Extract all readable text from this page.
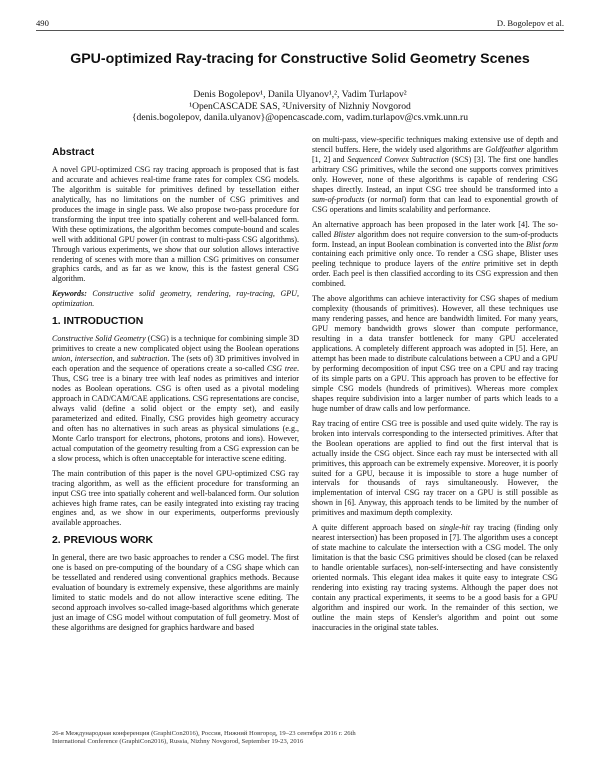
490	D. Bogolepov et al.
GPU-optimized Ray-tracing for Constructive Solid Geometry Scenes
Denis Bogolepov¹, Danila Ulyanov¹,², Vadim Turlapov²
¹OpenCASCADE SAS, ²University of Nizhniy Novgorod
{denis.bogolepov, danila.ulyanov}@opencascade.com, vadim.turlapov@cs.vmk.unn.ru
Abstract

A novel GPU-optimized CSG ray tracing approach is proposed that is fast and accurate and achieves real-time frame rates for complex CSG models. The algorithm is suitable for primitives defined by tessellation either analytically, has no limitations on the number of CSG primitives and produces the image in single pass. We also propose two-pass procedure for transforming the input tree into spatially coherent and well-balanced form. With these optimizations, the algorithm becomes compute-bound and scales well with additional GPU power (in contrast to multi-pass CSG algorithms). Through various experiments, we show that our solution allows interactive rendering of scenes with more than a million CSG primitives on consumer graphics cards, and as far as we know, this is the fastest general CSG algorithm.

Keywords: Constructive solid geometry, rendering, ray-tracing, GPU, optimization.

1. INTRODUCTION

Constructive Solid Geometry (CSG) is a technique for combining simple 3D primitives to create a new complicated object using the Boolean operations union, intersection, and subtraction. The (sets of) 3D primitives involved in each operation and the sequence of operations create a so-called CSG tree. Thus, CSG tree is a binary tree with leaf nodes as primitives and interior nodes as Boolean operations. CSG is often used as a pivotal modeling approach in CAD/CAM/CAE applications. CSG representations are concise, always valid (define a solid object or the empty set), and easily parameterized and edited. Finally, CSG provides high geometry accuracy and often has no alternatives in such areas as physical simulations (e.g., Monte Carlo transport for electrons, photons, protons and ions). However, actual computation of the geometry resulting from a CSG expression can be a slow process, which is often unacceptable for interactive scene editing.

The main contribution of this paper is the novel GPU-optimized CSG ray tracing algorithm, as well as the efficient procedure for transforming an input CSG tree into spatially coherent and well-balanced form. Our solution achieves high frame rates, can be easily integrated into existing ray tracing engines and, as we show in our experiments, outperforms previously available approaches.

2. PREVIOUS WORK

In general, there are two basic approaches to render a CSG model. The first one is based on pre-computing of the boundary of a CSG shape which can be tessellated and rendered using conventional graphics methods. Because evaluation of boundary is extremely expensive, these algorithms are mainly limited to static models and do not allow interactive scene editing. The second approach involves so-called image-based algorithms which generate just an image of CSG model without computation of full geometry. Most of these algorithms are designed for graphics hardware and based

on multi-pass, view-specific techniques making extensive use of depth and stencil buffers. Here, the widely used algorithms are Goldfeather algorithm [1, 2] and Sequenced Convex Subtraction (SCS) [3]. The first one handles arbitrary CSG primitives, while the second one supports convex primitives only. However, none of these algorithms is capable of rendering CSG shapes directly. Instead, an input CSG tree should be transformed into a sum-of-products (or normal) form that can lead to exponential growth of CSG operations and limits scalability and performance.

An alternative approach has been proposed in the later work [4]. The so-called Blister algorithm does not require conversion to the sum-of-products form. Instead, an input Boolean combination is converted into the Blist form containing each primitive only once. To render a CSG shape, Blister uses peeling technique to produce layers of the entire primitive set in depth order. Each peel is then classified according to its CSG expression and then combined.

The above algorithms can achieve interactivity for CSG shapes of medium complexity (thousands of primitives). However, all these techniques use many rendering passes, and hence are bandwidth limited. For many years, GPU memory bandwidth grows slower than compute performance, resulting in a data transfer bottleneck for many GPU accelerated applications. A completely different approach was adopted in [5]. Here, an attempt has been made to distribute calculations between a CPU and a GPU by performing decomposition of input CSG tree on a CPU and ray tracing of its simple parts on a GPU. This approach has proven to be effective for simple CSG models (hundreds of primitives). Whereas more complex shapes require subdivision into a larger number of parts which leads to a huge number of draw calls and low performance.

Ray tracing of entire CSG tree is possible and used quite widely. The ray is broken into intervals corresponding to the intersected primitives. After that the Boolean operations are applied to find out the first interval that is actually inside the CSG object. Since each ray must be intersected with all primitives, this approach can be extremely expensive. Moreover, it is poorly suited for a GPU, because it is impossible to store a huge number of intervals for thousands of rays simultaneously. However, the implementation of interval CSG ray tracer on a GPU is still possible as shown in [6]. Anyway, this approach tends to be limited by the number of primitives and maximum depth complexity.

A quite different approach based on single-hit ray tracing (finding only nearest intersection) has been proposed in [7]. The algorithm uses a concept of state machine to calculate the intersection with a CSG model. The only limitation is that the basic CSG primitives should be closed (can be relaxed to handle orientable surfaces), non-self-intersecting and have consistently oriented normals. This elegant idea makes it quite easy to integrate CSG rendering into existing ray tracing systems. Although the paper does not contain any practical experiments, it seems to be a good basis for a GPU algorithm and inspired our work. In the remainder of this section, we outline the main steps of Kensler's algorithm and point out some inaccuracies in the original state tables.

26-я Международная конференция (GraphiCon2016), Россия, Нижний Новгород, 19–23 сентября 2016 г. 26th
International Conference (GraphiCon2016), Russia, Nizhny Novgorod, September 19-23, 2016
